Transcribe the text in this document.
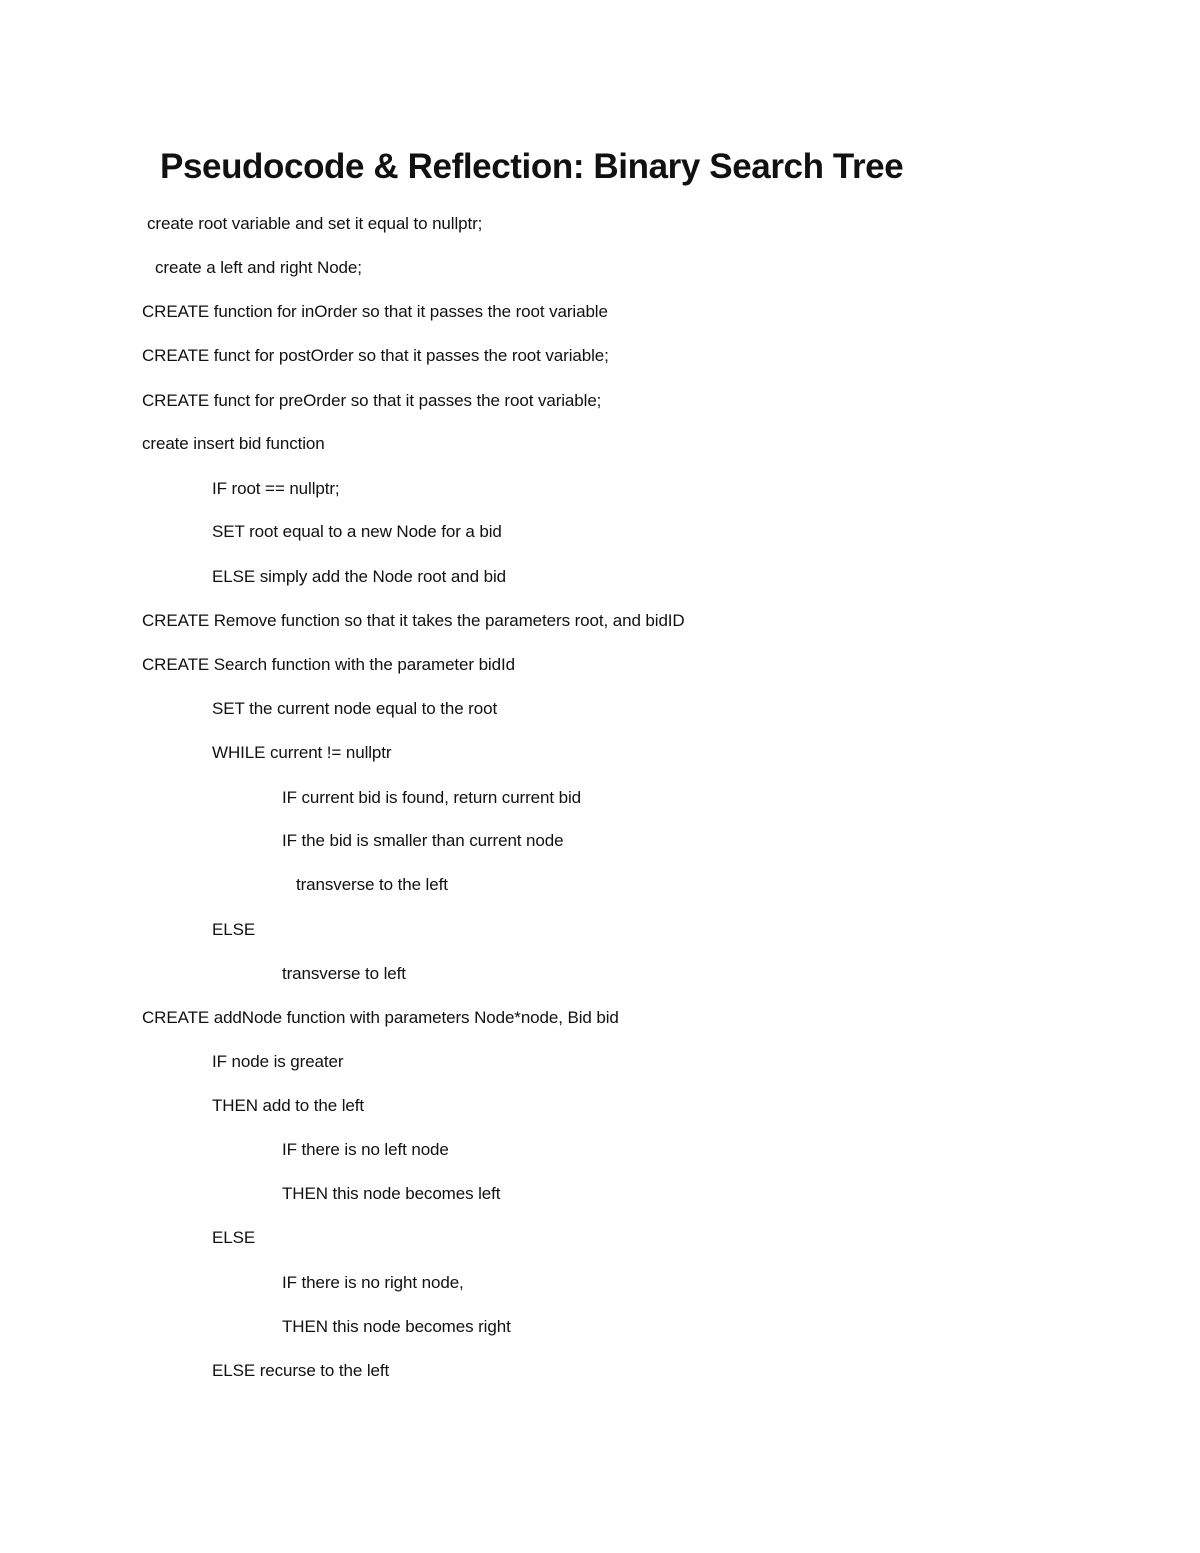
Pseudocode & Reflection: Binary Search Tree

create root variable and set it equal to nullptr;

create a left and right Node;

CREATE function for inOrder so that it passes the root variable

CREATE funct for postOrder so that it passes the root variable;

CREATE funct for preOrder so that it passes the root variable;

create insert bid function

IF root == nullptr;

SET root equal to a new Node for a bid

ELSE simply add the Node root and bid

CREATE Remove function so that it takes the parameters root, and bidID

CREATE Search function with the parameter bidId

SET the current node equal to the root

WHILE current != nullptr

IF current bid is found, return current bid

IF the bid is smaller than current node

transverse to the left

ELSE

transverse to left

CREATE addNode function with parameters Node*node, Bid bid

IF node is greater

THEN add to the left

IF there is no left node

THEN this node becomes left

ELSE

IF there is no right node,

THEN this node becomes right

ELSE recurse to the left
